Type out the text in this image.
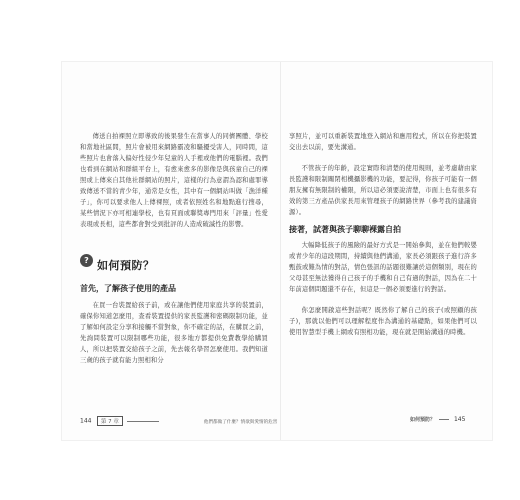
傳送自拍裸照立即導致的後果發生在當事人的同儕團體、學校和當地社區間，照片會被用來網路霸凌和騷擾受害人，同時間，這些照片也會落入偏好性侵少年兒童的人手裡或他們的電腦裡。我們也看到在網站和群組平台上，有愈來愈多的影像是與孩童自己的裸照或上傳來自其他社群網站的照片，這樣的行為意謂為認和處罪導致傳送不當的青少年，通常是女性，其中有一個網站叫做「漁洋種子」，你可以要求他人上傳裸照，或者依照姓名和地點進行搜尋，某些情況下亦可相連學校，也有頁面或聯獎專門用來「評量」性愛表現或長相，這些都會對受到批評的人造成破滅性的影響。

? 如何預防？
首先，了解孩子使用的產品

在買一台裝置給孩子前，或在讓他們使用家庭共享的裝置前，確保你知道怎麼用，查看裝置提供的家長監護和密碼限制功能，並了解如何設定分享和接觸不當對象，你不確定的話，在購買之前，先詢問裝置可以限制哪些功能，很多地方都提供免費教學給購買人，所以把裝置交給孩子之前，先去報名學習怎麼使用。我們知道三歲的孩子就有能力照相和分

144 第 7 章	他們都做了什麼？情欲與愛情的危害

享照片，並可以重新裝置地登入網站和應用程式，所以在你把裝置交出去以前，要先溝通。

不管孩子的年齡，設定實際和清楚的使用規則，並考慮藉由家長監護和限制關閉相機攝影機的功能，要記得，你孩子可能有一個朋友擁有無限制的權限，所以這必須要說清楚，市面上也有很多有效的第三方產品供家長用來管理孩子的網路世界（參考我的建議資源）。

接著，試著與孩子聊聊裸露自拍

大幅降低孩子的風險的最好方式是一開始參與，並在他們較嬰或青少年的這段期間，持續與他們溝通，家長必須跟孩子進行許多甄鼓或難為情的對話，情色張訊的話題很難讓於這個類別，現在的父母甚至無法獲得自己孩子的手機和自己有過的對話，因為在二十年前這個問題還不存在，但這是一個必須要進行的對話。

你怎麼開啟這些對話呢？既然你了解自己的孩子(或照顧的孩子)，那就以他們可以理解程度作為溝通的基礎點，如果他們可以使用智慧型手機上網或有照相功能，現在就是開始溝通的時機。

如何預防？	145
